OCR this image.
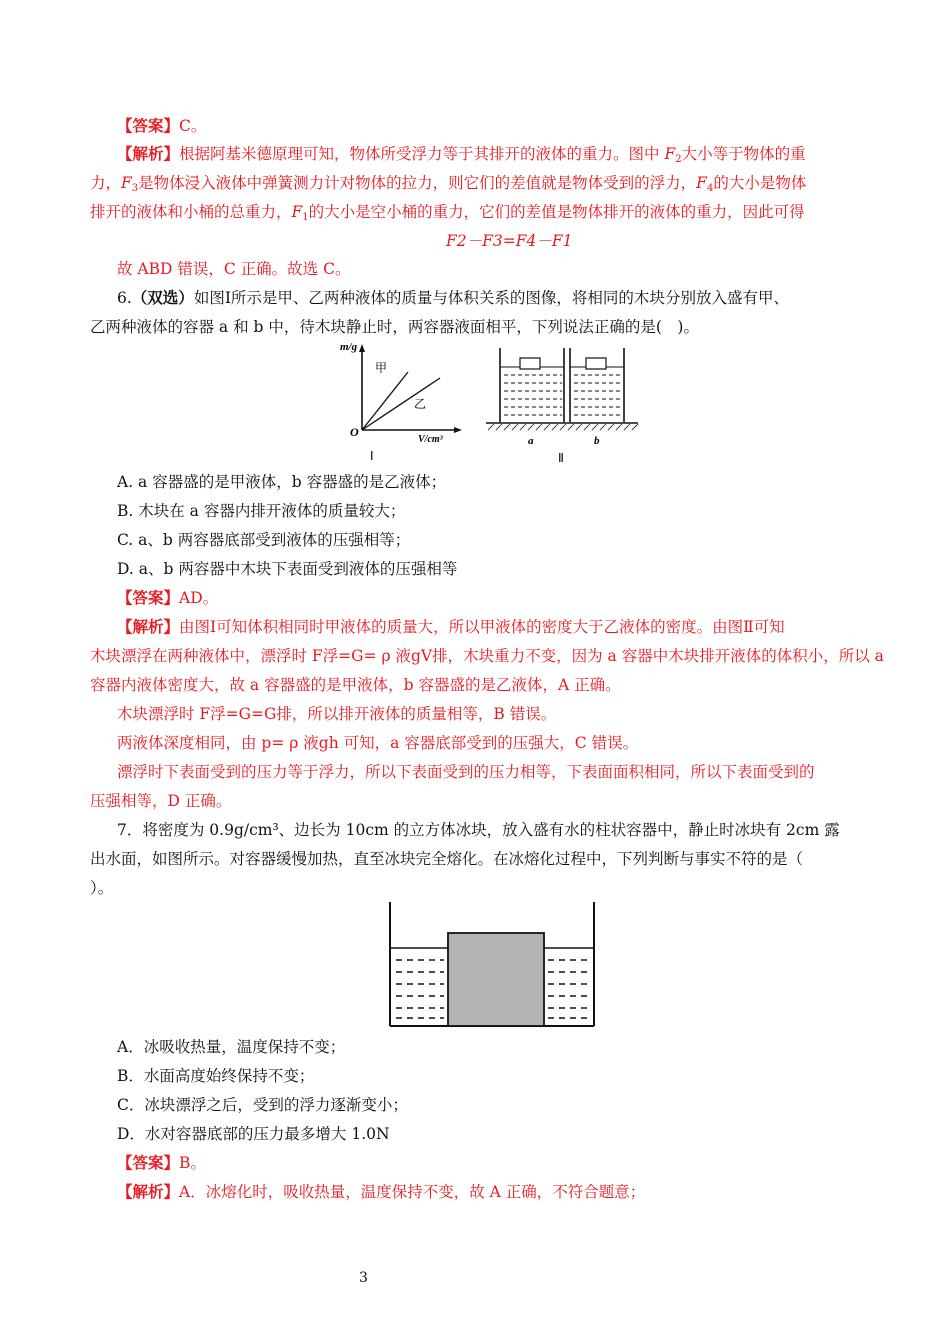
【答案】C。
【解析】根据阿基米德原理可知，物体所受浮力等于其排开的液体的重力。图中 $F_2$大小等于物体的重
力，$F_3$是物体浸入液体中弹簧测力计对物体的拉力，则它们的差值就是物体受到的浮力，$F_4$的大小是物体
排开的液体和小桶的总重力，$F_1$的大小是空小桶的重力，它们的差值是物体排开的液体的重力，因此可得
F2－F3=F4－F1
故 ABD 错误，C 正确。故选 C。
6.（双选）如图Ⅰ所示是甲、乙两种液体的质量与体积关系的图像，将相同的木块分别放入盛有甲、
乙两种液体的容器 a 和 b 中，待木块静止时，两容器液面相平，下列说法正确的是(　)。
m/g
O
V/cm³
甲
乙
Ⅰ
a	b
Ⅱ
A. a 容器盛的是甲液体，b 容器盛的是乙液体；
B. 木块在 a 容器内排开液体的质量较大；
C. a、b 两容器底部受到液体的压强相等；
D. a、b 两容器中木块下表面受到液体的压强相等
【答案】AD。
【解析】由图Ⅰ可知体积相同时甲液体的质量大，所以甲液体的密度大于乙液体的密度。由图Ⅱ可知
木块漂浮在两种液体中，漂浮时 F浮=G= ρ 液gV排，木块重力不变，因为 a 容器中木块排开液体的体积小，所以 a
容器内液体密度大，故 a 容器盛的是甲液体，b 容器盛的是乙液体，A 正确。
木块漂浮时 F浮=G=G排，所以排开液体的质量相等，B 错误。
两液体深度相同，由 p= ρ 液gh 可知，a 容器底部受到的压强大，C 错误。
漂浮时下表面受到的压力等于浮力，所以下表面受到的压力相等，下表面面积相同，所以下表面受到的
压强相等，D 正确。
7．将密度为 0.9g/cm³、边长为 10cm 的立方体冰块，放入盛有水的柱状容器中，静止时冰块有 2cm 露
出水面，如图所示。对容器缓慢加热，直至冰块完全熔化。在冰熔化过程中，下列判断与事实不符的是（
）。
A．冰吸收热量，温度保持不变；
B．水面高度始终保持不变；
C．冰块漂浮之后，受到的浮力逐渐变小；
D．水对容器底部的压力最多增大 1.0N
【答案】B。
【解析】A．冰熔化时，吸收热量，温度保持不变，故 A 正确，不符合题意；
3
